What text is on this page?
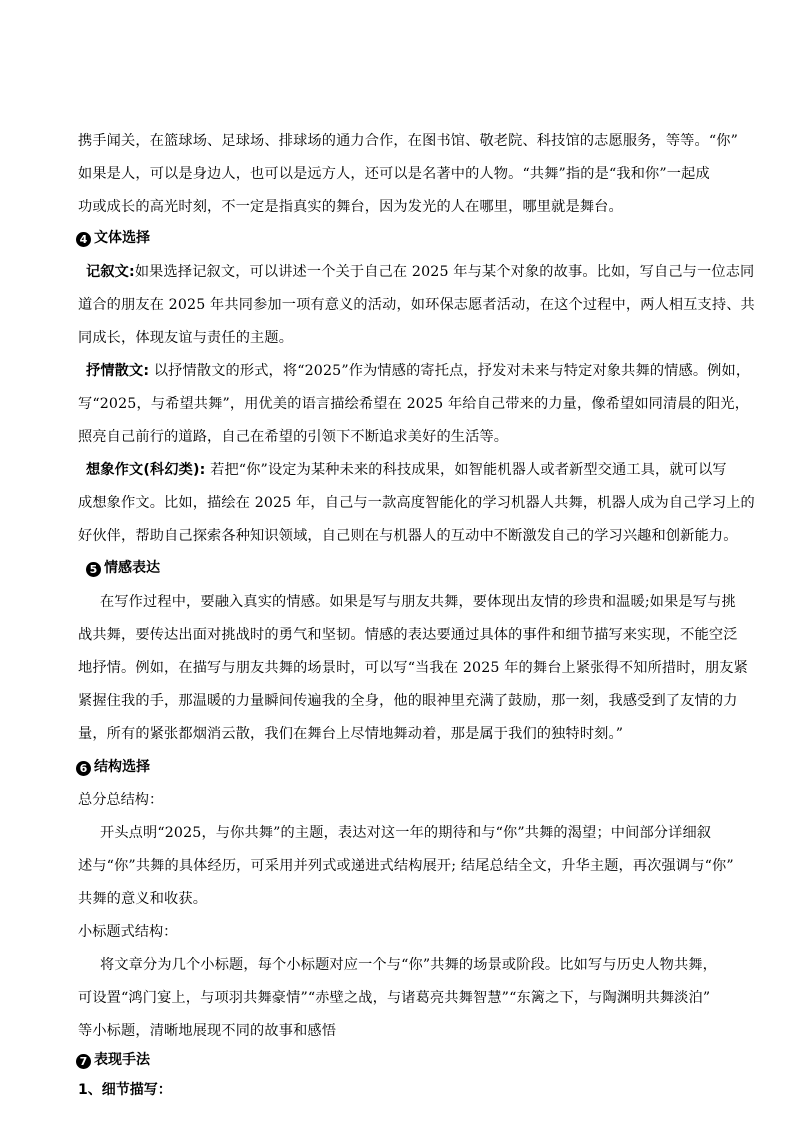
携手闻关，在篮球场、足球场、排球场的通力合作，在图书馆、敬老院、科技馆的志愿服务，等等。“你”
如果是人，可以是身边人，也可以是远方人，还可以是名著中的人物。“共舞”指的是“我和你”一起成
功或成长的高光时刻，不一定是指真实的舞台，因为发光的人在哪里，哪里就是舞台。
4 文体选择
记叙文:如果选择记叙文，可以讲述一个关于自己在 2025 年与某个对象的故事。比如，写自己与一位志同
道合的朋友在 2025 年共同参加一项有意义的活动，如环保志愿者活动，在这个过程中，两人相互支持、共
同成长，体现友谊与责任的主题。
抒情散文: 以抒情散文的形式，将“2025”作为情感的寄托点，抒发对未来与特定对象共舞的情感。例如，
写“2025，与希望共舞”，用优美的语言描绘希望在 2025 年给自己带来的力量，像希望如同清晨的阳光，
照亮自己前行的道路，自己在希望的引领下不断追求美好的生活等。
想象作文(科幻类): 若把“你”设定为某种未来的科技成果，如智能机器人或者新型交通工具，就可以写
成想象作文。比如，描绘在 2025 年，自己与一款高度智能化的学习机器人共舞，机器人成为自己学习上的
好伙伴，帮助自己探索各种知识领域，自己则在与机器人的互动中不断激发自己的学习兴趣和创新能力。
5 情感表达
在写作过程中，要融入真实的情感。如果是写与朋友共舞，要体现出友情的珍贵和温暖;如果是写与挑
战共舞，要传达出面对挑战时的勇气和坚韧。情感的表达要通过具体的事件和细节描写来实现，不能空泛
地抒情。例如，在描写与朋友共舞的场景时，可以写“当我在 2025 年的舞台上紧张得不知所措时，朋友紧
紧握住我的手，那温暖的力量瞬间传遍我的全身，他的眼神里充满了鼓励，那一刻，我感受到了友情的力
量，所有的紧张都烟消云散，我们在舞台上尽情地舞动着，那是属于我们的独特时刻。”
6 结构选择
总分总结构：
开头点明“2025，与你共舞”的主题，表达对这一年的期待和与“你”共舞的渴望；中间部分详细叙
述与“你”共舞的具体经历，可采用并列式或递进式结构展开; 结尾总结全文，升华主题，再次强调与“你”
共舞的意义和收获。
小标题式结构：
将文章分为几个小标题，每个小标题对应一个与“你”共舞的场景或阶段。比如写与历史人物共舞，
可设置“鸿门宴上，与项羽共舞豪情”“赤壁之战，与诸葛亮共舞智慧”“东篱之下，与陶渊明共舞淡泊”
等小标题，清晰地展现不同的故事和感悟
7 表现手法
1、细节描写：
